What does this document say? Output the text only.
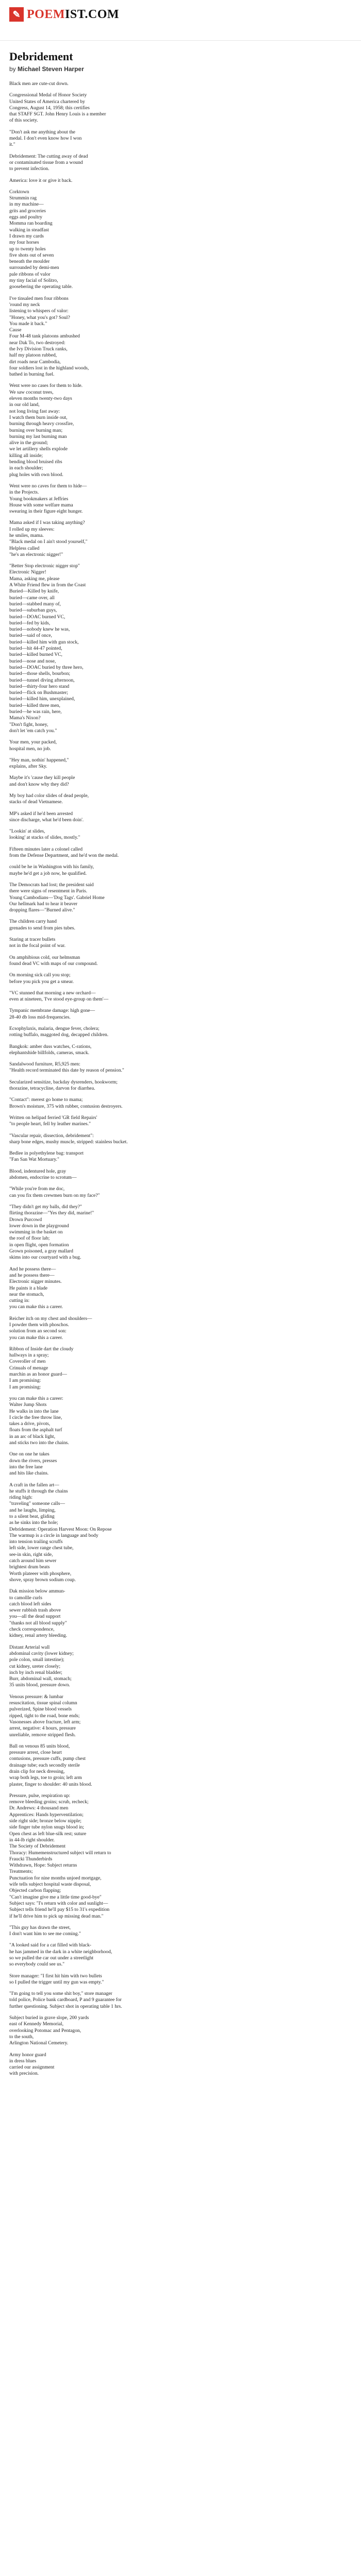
✎ POEMIST.COM
Debridement
by Michael Steven Harper
Black men are cute-cut down.
Congressional Medal of Honor Society
United States of America chartered by
Congress, August 14, 1958; this certifies
that STAFF SGT. John Henry Louis is a member
of this society.
"Don't ask me anything about the
medal. I don't even know how I won
it."
Debridement: The cutting away of dead
or contaminated tissue from a wound
to prevent infection.
America: love it or give it back.
Corktown
Strummin rag
in my machine—
grits and groceries
eggs and poultry
Momma ran boarding
walking in steadfast
I drawn my cards
my four horses
up to twenty holes
five shots out of seven
beneath the moulder
surrounded by demi-men
pale ribbons of valor
my tiny facial of Solitro,
goosebering the operating table.
I've tinsaled men four ribbons
'round my neck
listening to whispers of valor:
"Honey, what you's got? Soul?
You made it back."
Cause
Four M-48 tank platoons ambushed
near Dak To, two destroyed:
the Ivy Division Truck ranks,
half my platoon rubbed,
dirt roads near Cambodia,
four soldiers lost in the highland woods,
bathed in burning fuel.
Went were no cases for them to hide.
We saw coconut trees,
eleven months twenty-two days
in our old land,
not long living fast away:
I watch them burn inside out,
burning through heavy crossfire,
burning over burning man;
burning my last burning man
alive in the ground;
we let artillery shells explode
killing all inside;
bending blood bruised ribs
in each shoulder;
plug holes with own blood.
Went were no caves for them to hide—
in the Projects.
Young bookmakers at Jeffries
House with some welfare mama
swearing in their figure eight hunger.
Mama asked if I was taking anything?
I rolled up my sleeves:
he smiles, mama.
"Black medal on I ain't stood yourself,"
Helpless called
"he's an electronic nigger!"
"Better Stop electronic nigger stop"
Electronic Nigger!
Mama, asking me, please
A White Friend flew in from the Coast
Buried—Killed by knife,
buried—came over, all
buried—stabbed many of,
buried—suburban guys,
buried—DOAC burned VC,
buried—fed by kids,
buried—nobody knew he was,
buried—said of once,
buried—killed him with gun stock,
buried—hit 44-47 pointed,
buried—killed burned VC,
buried—nose and nose,
buried—DOAC buried by three hero,
buried—those shells, bourbon;
buried—tunnel diving afternoon,
buried—thirty-four hero stand
buried—flick on Bushmaster;
buried—killed him, unexplained,
buried—killed three men,
buried—he was rain, here,
Mama's Nixon?
"Don't fight, honey,
don't let 'em catch you."
Your men, your packed,
hospital men, no job.
"Hey man, nothin' happened,"
explains, after Sky.
Maybe it's 'cause they kill people
and don't know why they did?
My boy had color slides of dead people,
stacks of dead Vietnamese.
MP's asked if he'd been arrested
since discharge, what he'd been doin'.
"Lookin' at slides,
looking' at stacks of slides, mostly."
Fifteen minutes later a colonel called
from the Defense Department, and he'd won the medal.
could be he in Washington with his family,
maybe he'd get a job now, he qualified.
The Democrats had lost; the president said
there were signs of resentment in Paris.
Young Cambodians—'Dog Tags'. Gabriel Home
Our hellmark had to hear it beaver
dropping flares—"Burned alive."
The children carry hand
grenades to send from pies tubes.
Staring at tracer bullets
not in the focal point of war.
On amphibious cold, our helmsman
found dead VC with maps of our compound.
On morning sick call you stop;
before you pick you get a smear.
"VC stunned that morning a new orchard—
even at nineteen, 'I've stood eye-group on them'—
Tympanic membrane damage: high gone—
28-40 db loss mid-frequencies.
Ecsophylaxis, malaria, dengue fever, cholera;
rotting buffalo, maggoted dog, decapped children.
Bangkok: amber duss watches, C-rations,
elephantshide billfolds, cameras, smack.
Sandalwood furniture, R5,925 men:
"Health record terminated this date by reason of pension."
Secularized sensitize, backday dysrenders, hookworm;
thorazine, tetracycline, darvon for diarrhea.
"Contact": merest go home to mama;
Brown's moisture, 375 with rubber, contusion destroyers.
Written on helipad ferried 'GR field Repairs'
"to people heart, fell by leather marines."
"Vascular repair, dissection, debridement":
sharp bone edges, mushy muscle, stripped: stainless bucket.
Bedlee in polyethylene bag: transport
"Fan San Wat Mortuary."
Blood, indentured hole, gray
abdomen, endocrine to scrotum—
"While you're from me doc,
can you fix them crewmen burn on my face?"
"They didn't get my balls, did they?"
flirting thorazine—"Yes they did, marine!"
Drown Purcowd
lower down in the playground
swimming in the basket on
the roof of floor lab;
in open flight, open formation
Grown poisoned, a gray mallard
skims into our courtyard with a bug.
And he possess there—
and he possess there—
Electronic nigger minutes.
He paints it a blade
near the stomach,
cutting in:
you can make this a career.
Reicher itch on my chest and shoulders—
I powder them with phoschos.
solution from an second son:
you can make this a career.
Ribbon of Inside dart the cloudy
hallways in a spray;
Coveroller of men
Crinuals of menage
marchin as an honor guard—
I am promising:
I am promising:
you can make this a career:
Walter Jump Shots
He walks in into the lane
I circle the free throw line,
takes a drive, pivots,
floats from the asphalt turf
in an arc of black light,
and sticks two into the chains.
One on one he takes
down the rivers, presses
into the free lane
and hits like chains.
A craft in the fallen art—
he stuffs it through the chains
riding high:
"traveling" someone calls—
and he laughs, limping,
to a silent beat, gliding
as he sinks into the hole;
Debridement: Operation Harvest Moon: On Repose
The warmup is a circle in language and body
into tension trailing scruffs
left side, lower range chest tube,
see-in skin, right side,
catch around him sewer
brightest drum beats
Worth plateeer with phosphere,
shove, spray brown sodium coup.
Dak mission below ammun-
to camollle curls
catch blood left sides
sewer rubbish trash above
you—all the dead support
"thanks not all blood supply"
check correspondence,
kidney, renal artery bleeding.
Distant Arterial wall
abdominal cavity (lower kidney;
pole colon, small intestine);
cut kidney, ureter closely;
inch by inch renal bladder;
Burr, abdominal wall, stomach;
35 units blood, pressure down.
Venous pressure: & lumbar
resuscitation, tissue spinal column
pulverized, Spine blood vessels
ripped, tight to the road, bone ends;
Vasonesses above fracture, left arm;
arrest, negative: 4 hours, pressure
unreliable, remove stripped flesh.
Ball on venous 85 units blood,
pressure arrest, close heart
contusions, pressure cuffs, pump chest
drainage tube; each secondly sterile
drain clip for neck dressing,
wrap both legs, toe to groin; left arm
plaster, finger to shoulder: 40 units blood.
Pressure, pulse, respiration up:
remove bleeding groins; scrub, recheck;
Dr. Andrews: 4 thousand men
Apprentices: Hands hyperventilation;
side right side; bronze below nipple;
side finger tube nylon snugs blood in;
Open chest as left blue-silk rest; suture
in 44-lb right shoulder.
The Society of Debridement
Thoracy: Humemenstructured subject will return to
Fraucki Thunderbirds
Withdrawn, Hope: Subject returns
Treatments;
Punctuation for nine months unjoed mortgage,
wife tells subject hospital waste disposal,
Objected carbon flapping;
"Can't imagine give me a little time good-bye"
Subject says: "I's return with color and sunlight—
Subject tells friend he'll pay $15 to 31's expedition
if he'll drive him to pick up missing dead man."
"This guy has drawn the street,
I don't want him to see me coming."
"A looked said for a cat filled with black-
he has jammed in the dark in a white neighborhood,
so we pulled the car out under a streetlight
so everybody could see us."
Store manager: "I first hit him with two bullets
so I pulled the trigger until my gun was empty."
"I'm going to tell you some shit boy," store manager
told police, Police bank cardboard, P and 9 guarantee for
further questioning. Subject shot in operating table 1 hrs.
Subject buried in grave slope, 200 yards
east of Kennedy Memorial,
overlooking Potomac and Pentagon,
to the south,
Arlington National Cemetery.
Army honor guard
in dress blues
carried our assignment
with precision.
